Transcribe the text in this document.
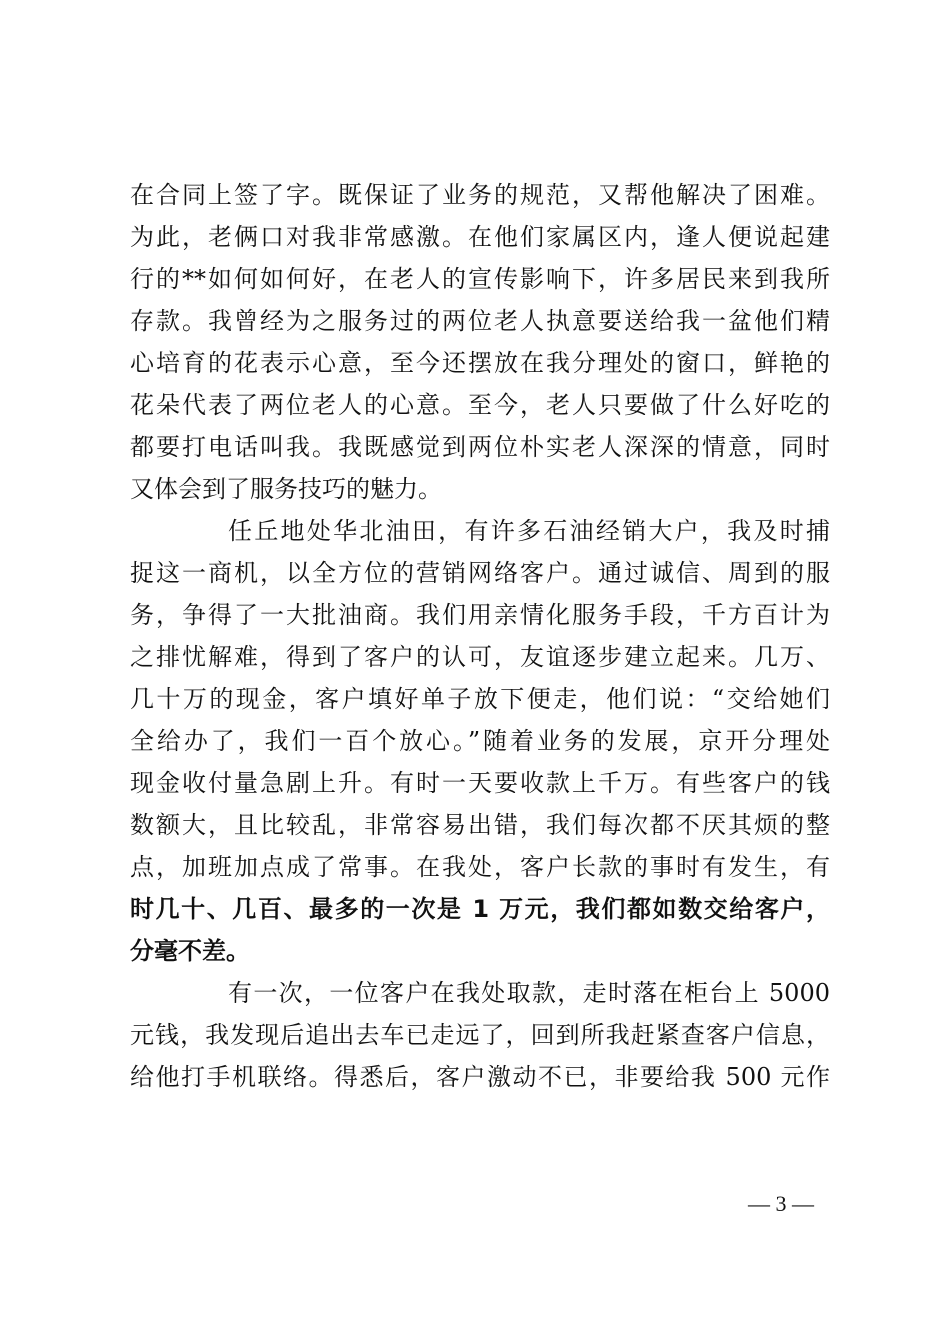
在合同上签了字。既保证了业务的规范，又帮他解决了困难。
为此，老俩口对我非常感激。在他们家属区内，逢人便说起建
行的**如何如何好，在老人的宣传影响下，许多居民来到我所
存款。我曾经为之服务过的两位老人执意要送给我一盆他们精
心培育的花表示心意，至今还摆放在我分理处的窗口，鲜艳的
花朵代表了两位老人的心意。至今，老人只要做了什么好吃的
都要打电话叫我。我既感觉到两位朴实老人深深的情意，同时
又体会到了服务技巧的魅力。
任丘地处华北油田，有许多石油经销大户，我及时捕
捉这一商机，以全方位的营销网络客户。通过诚信、周到的服
务，争得了一大批油商。我们用亲情化服务手段，千方百计为
之排忧解难，得到了客户的认可，友谊逐步建立起来。几万、
几十万的现金，客户填好单子放下便走，他们说：“交给她们
全给办了，我们一百个放心。”随着业务的发展，京开分理处
现金收付量急剧上升。有时一天要收款上千万。有些客户的钱
数额大，且比较乱，非常容易出错，我们每次都不厌其烦的整
点，加班加点成了常事。在我处，客户长款的事时有发生，有
时几十、几百、最多的一次是 1 万元，我们都如数交给客户，
分毫不差。
有一次，一位客户在我处取款，走时落在柜台上 5000
元钱，我发现后追出去车已走远了，回到所我赶紧查客户信息，
给他打手机联络。得悉后，客户激动不已，非要给我 500 元作
— 3 —
